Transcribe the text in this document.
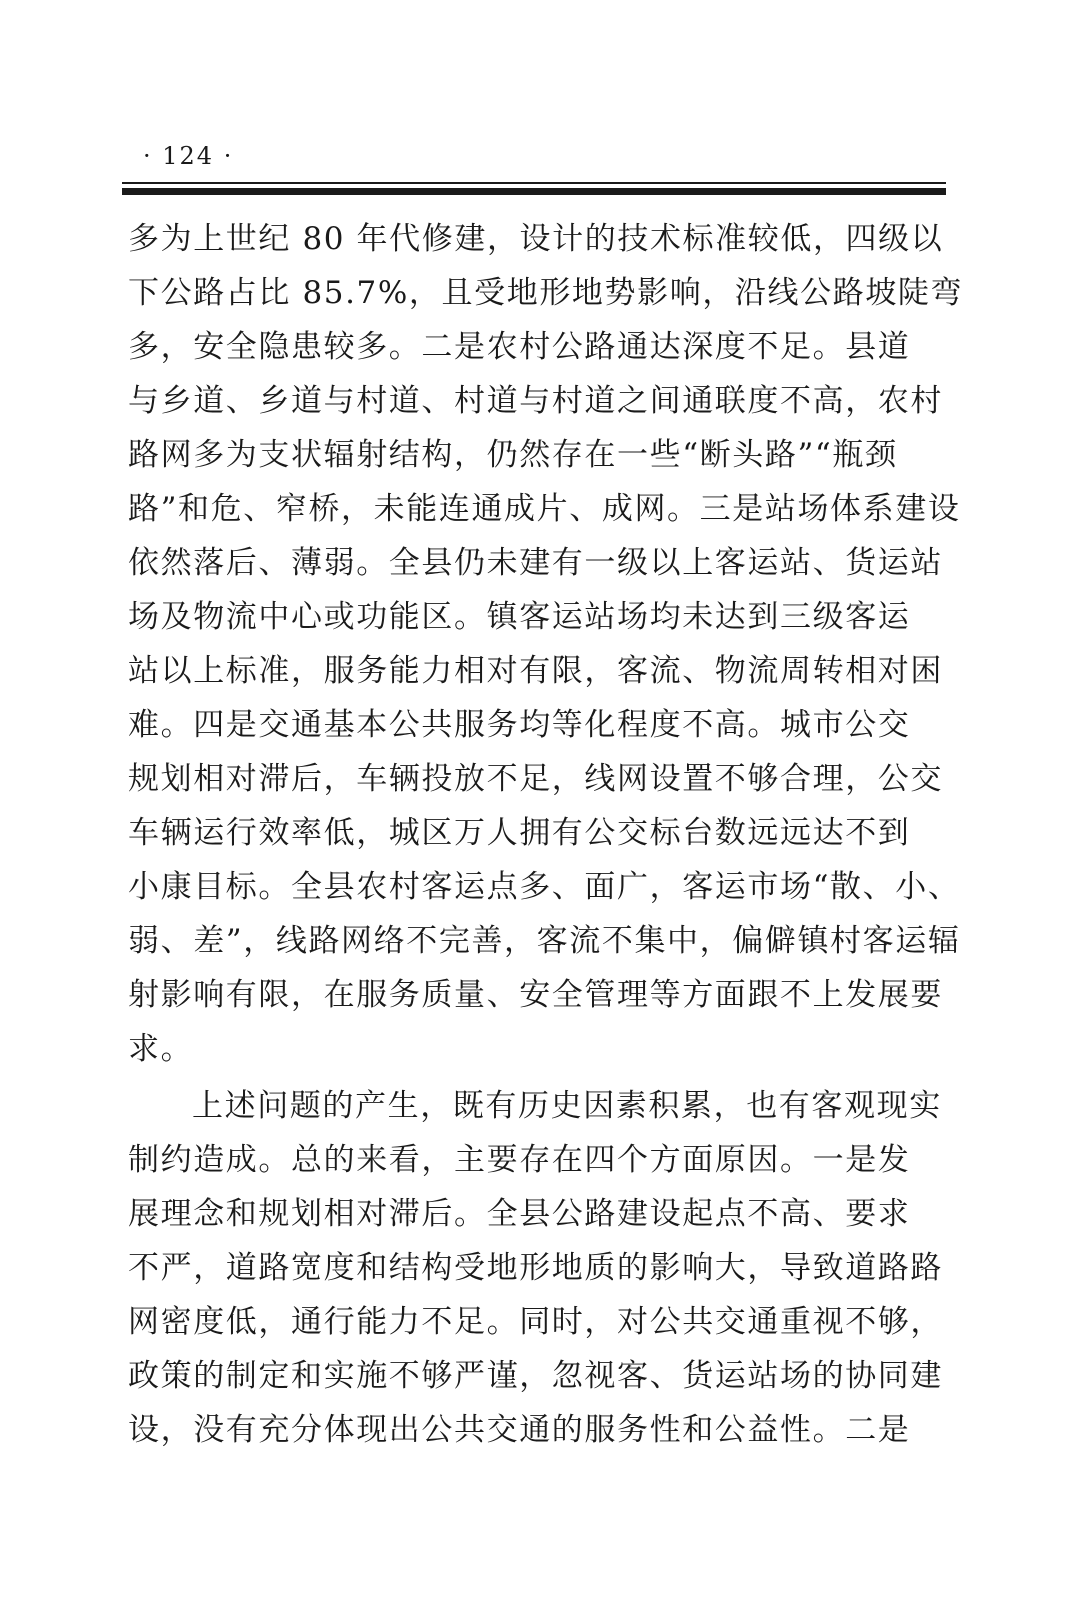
· 124 ·
多为上世纪 80 年代修建，设计的技术标准较低，四级以
下公路占比 85.7%，且受地形地势影响，沿线公路坡陡弯
多，安全隐患较多。二是农村公路通达深度不足。县道
与乡道、乡道与村道、村道与村道之间通联度不高，农村
路网多为支状辐射结构，仍然存在一些“断头路”“瓶颈
路”和危、窄桥，未能连通成片、成网。三是站场体系建设
依然落后、薄弱。全县仍未建有一级以上客运站、货运站
场及物流中心或功能区。镇客运站场均未达到三级客运
站以上标准，服务能力相对有限，客流、物流周转相对困
难。四是交通基本公共服务均等化程度不高。城市公交
规划相对滞后，车辆投放不足，线网设置不够合理，公交
车辆运行效率低，城区万人拥有公交标台数远远达不到
小康目标。全县农村客运点多、面广，客运市场“散、小、
弱、差”，线路网络不完善，客流不集中，偏僻镇村客运辐
射影响有限，在服务质量、安全管理等方面跟不上发展要
求。
上述问题的产生，既有历史因素积累，也有客观现实
制约造成。总的来看，主要存在四个方面原因。一是发
展理念和规划相对滞后。全县公路建设起点不高、要求
不严，道路宽度和结构受地形地质的影响大，导致道路路
网密度低，通行能力不足。同时，对公共交通重视不够，
政策的制定和实施不够严谨，忽视客、货运站场的协同建
设，没有充分体现出公共交通的服务性和公益性。二是
